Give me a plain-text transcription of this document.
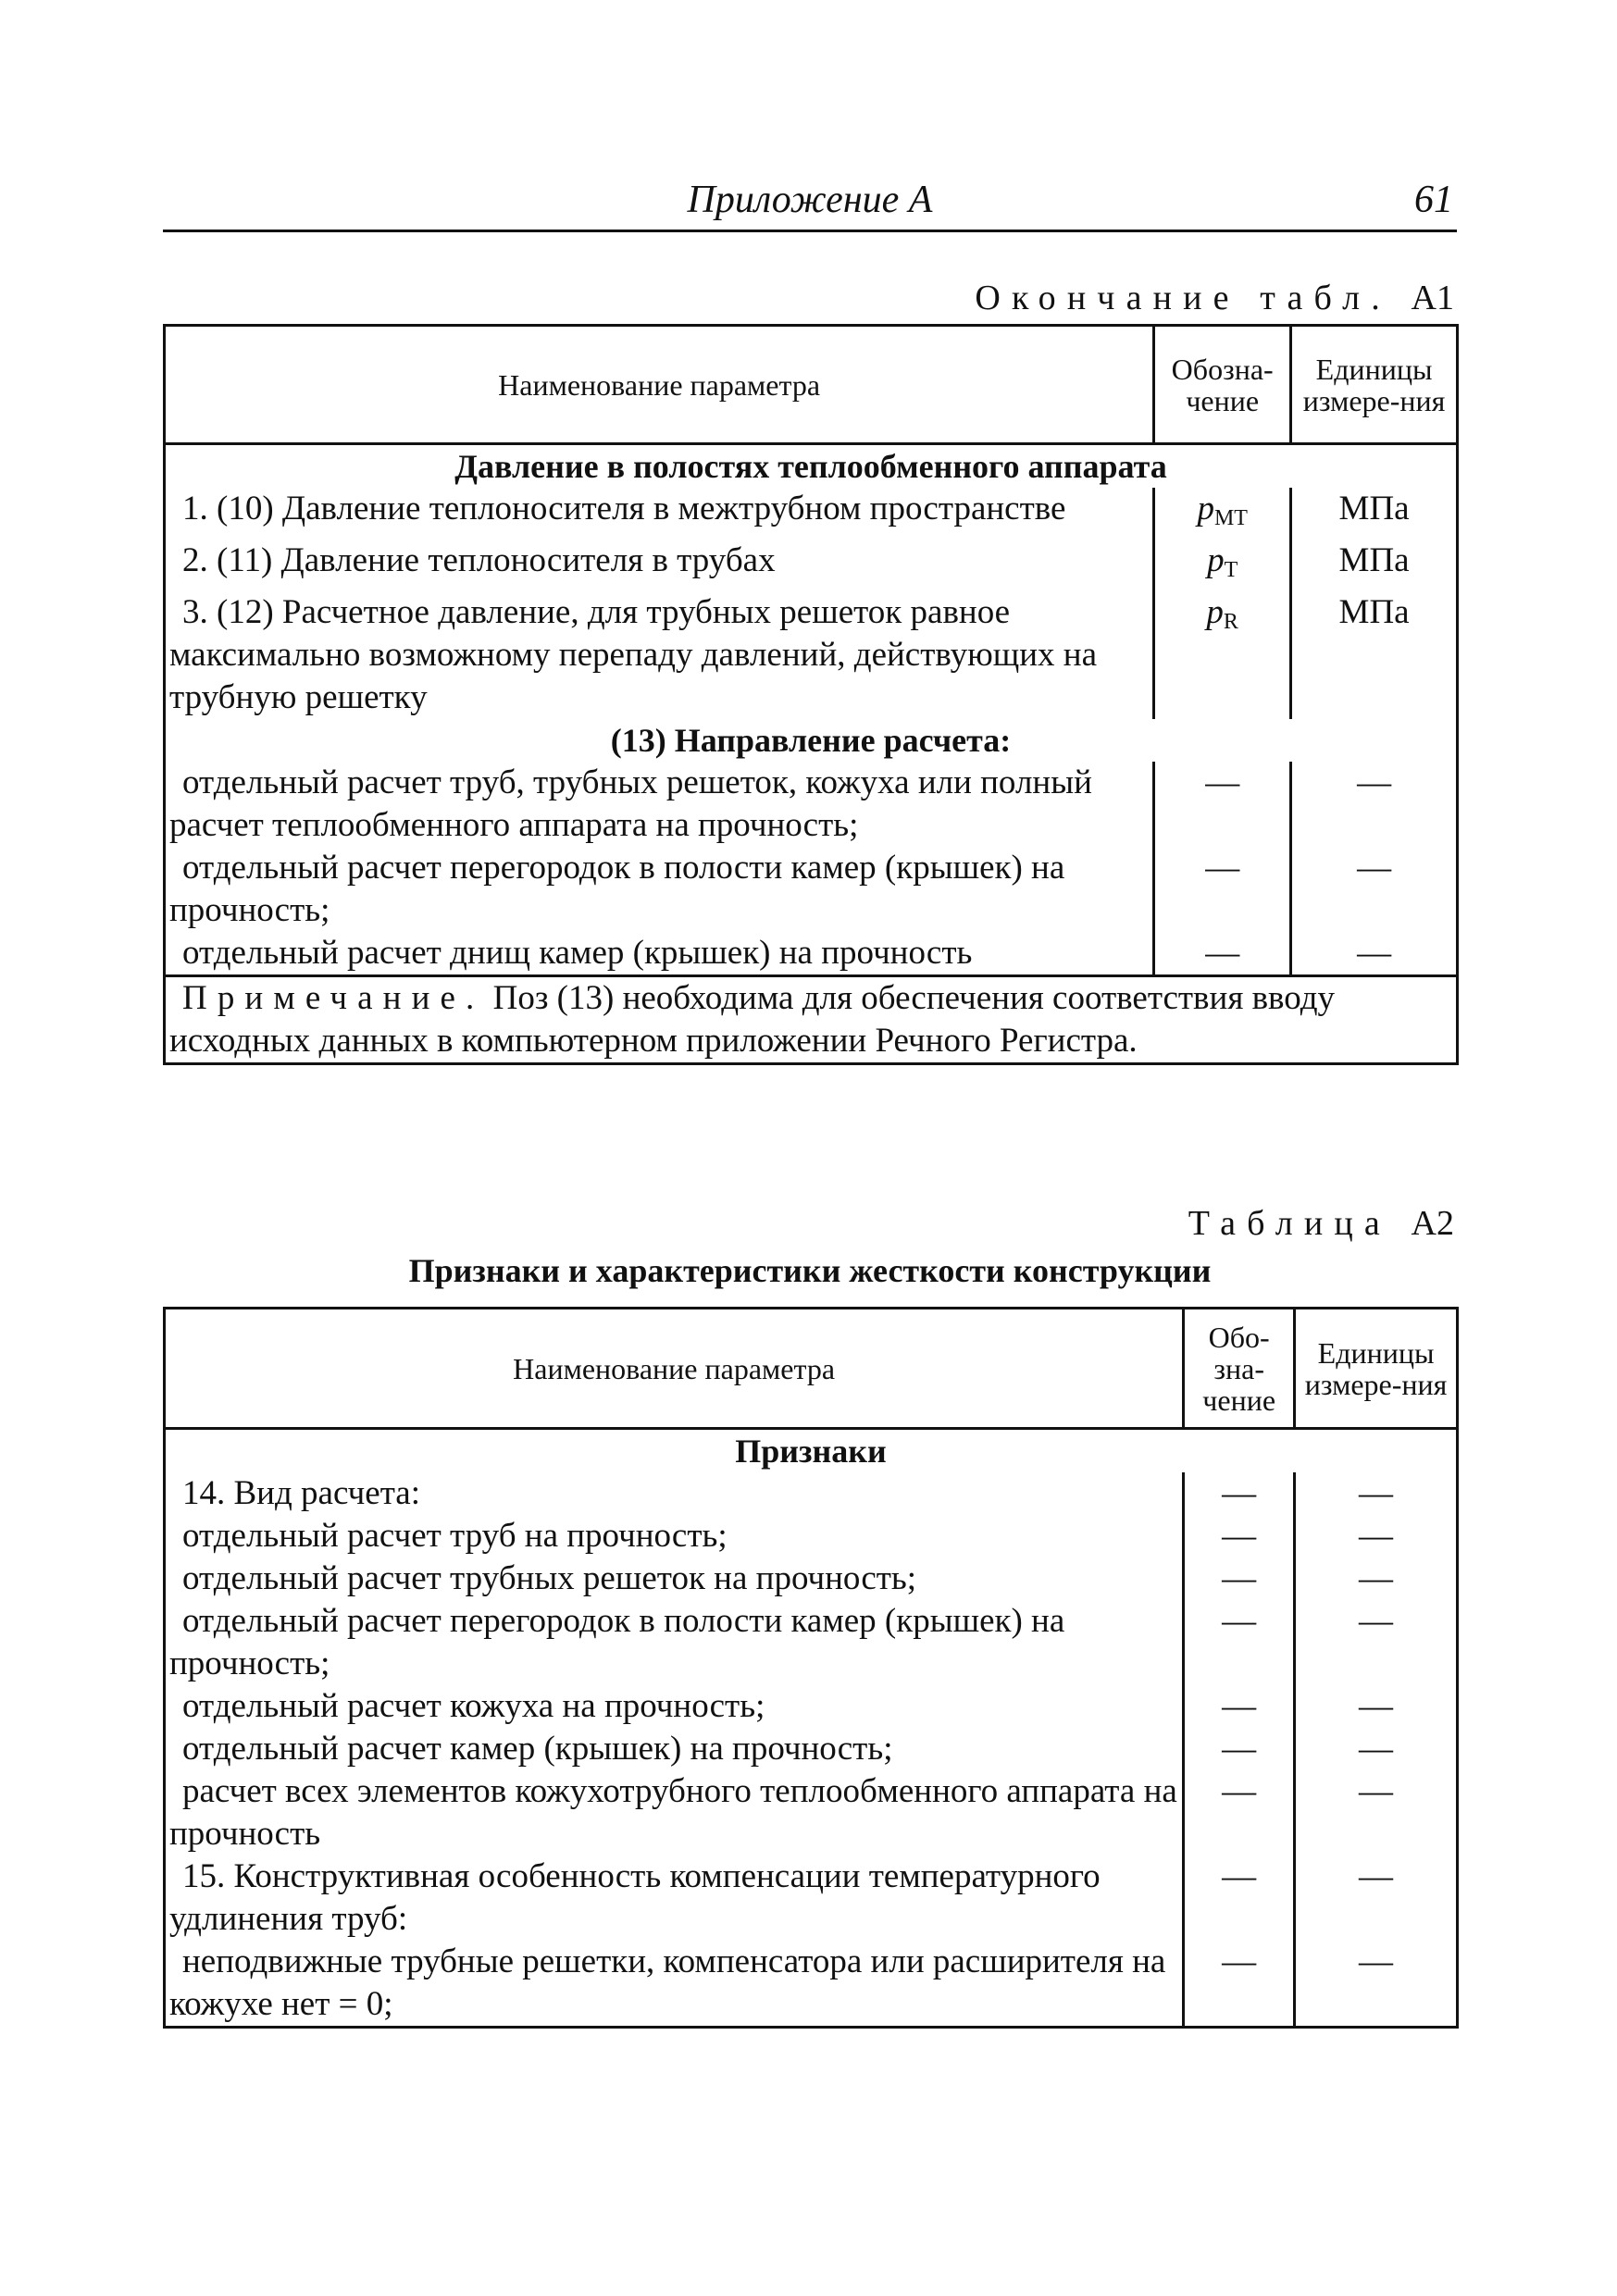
Приложение А	61
Окончание табл. А1
Наименование параметра	Обозна-чение	Единицы измере-ния
Давление в полостях теплообменного аппарата		
1. (10) Давление теплоносителя в межтрубном пространстве	$p_{МТ}$	МПа
2. (11) Давление теплоносителя в трубах	$p_Т$	МПа
3. (12) Расчетное давление, для трубных решеток равное максимально возможному перепаду давлений, действующих на трубную решетку	$p_R$	МПа
(13) Направление расчета:		
отдельный расчет труб, трубных решеток, кожуха или полный расчет теплообменного аппарата на прочность;	—	—
отдельный расчет перегородок в полости камер (крышек) на прочность;	—	—
отдельный расчет днищ камер (крышек) на прочность	—	—
Примечание. Поз (13) необходима для обеспечения соответствия вводу исходных данных в компьютерном приложении Речного Регистра.		
Таблица А2
Признаки и характеристики жесткости конструкции
Наименование параметра	Обо-зна-чение	Единицы измере-ния
Признаки		
14. Вид расчета:	—	—
отдельный расчет труб на прочность;	—	—
отдельный расчет трубных решеток на прочность;	—	—
отдельный расчет перегородок в полости камер (крышек) на прочность;	—	—
отдельный расчет кожуха на прочность;	—	—
отдельный расчет камер (крышек) на прочность;	—	—
расчет всех элементов кожухотрубного теплообменного аппарата на прочность	—	—
15. Конструктивная особенность компенсации температурного удлинения труб:	—	—
неподвижные трубные решетки, компенсатора или расширителя на кожухе нет = 0;	—	—
